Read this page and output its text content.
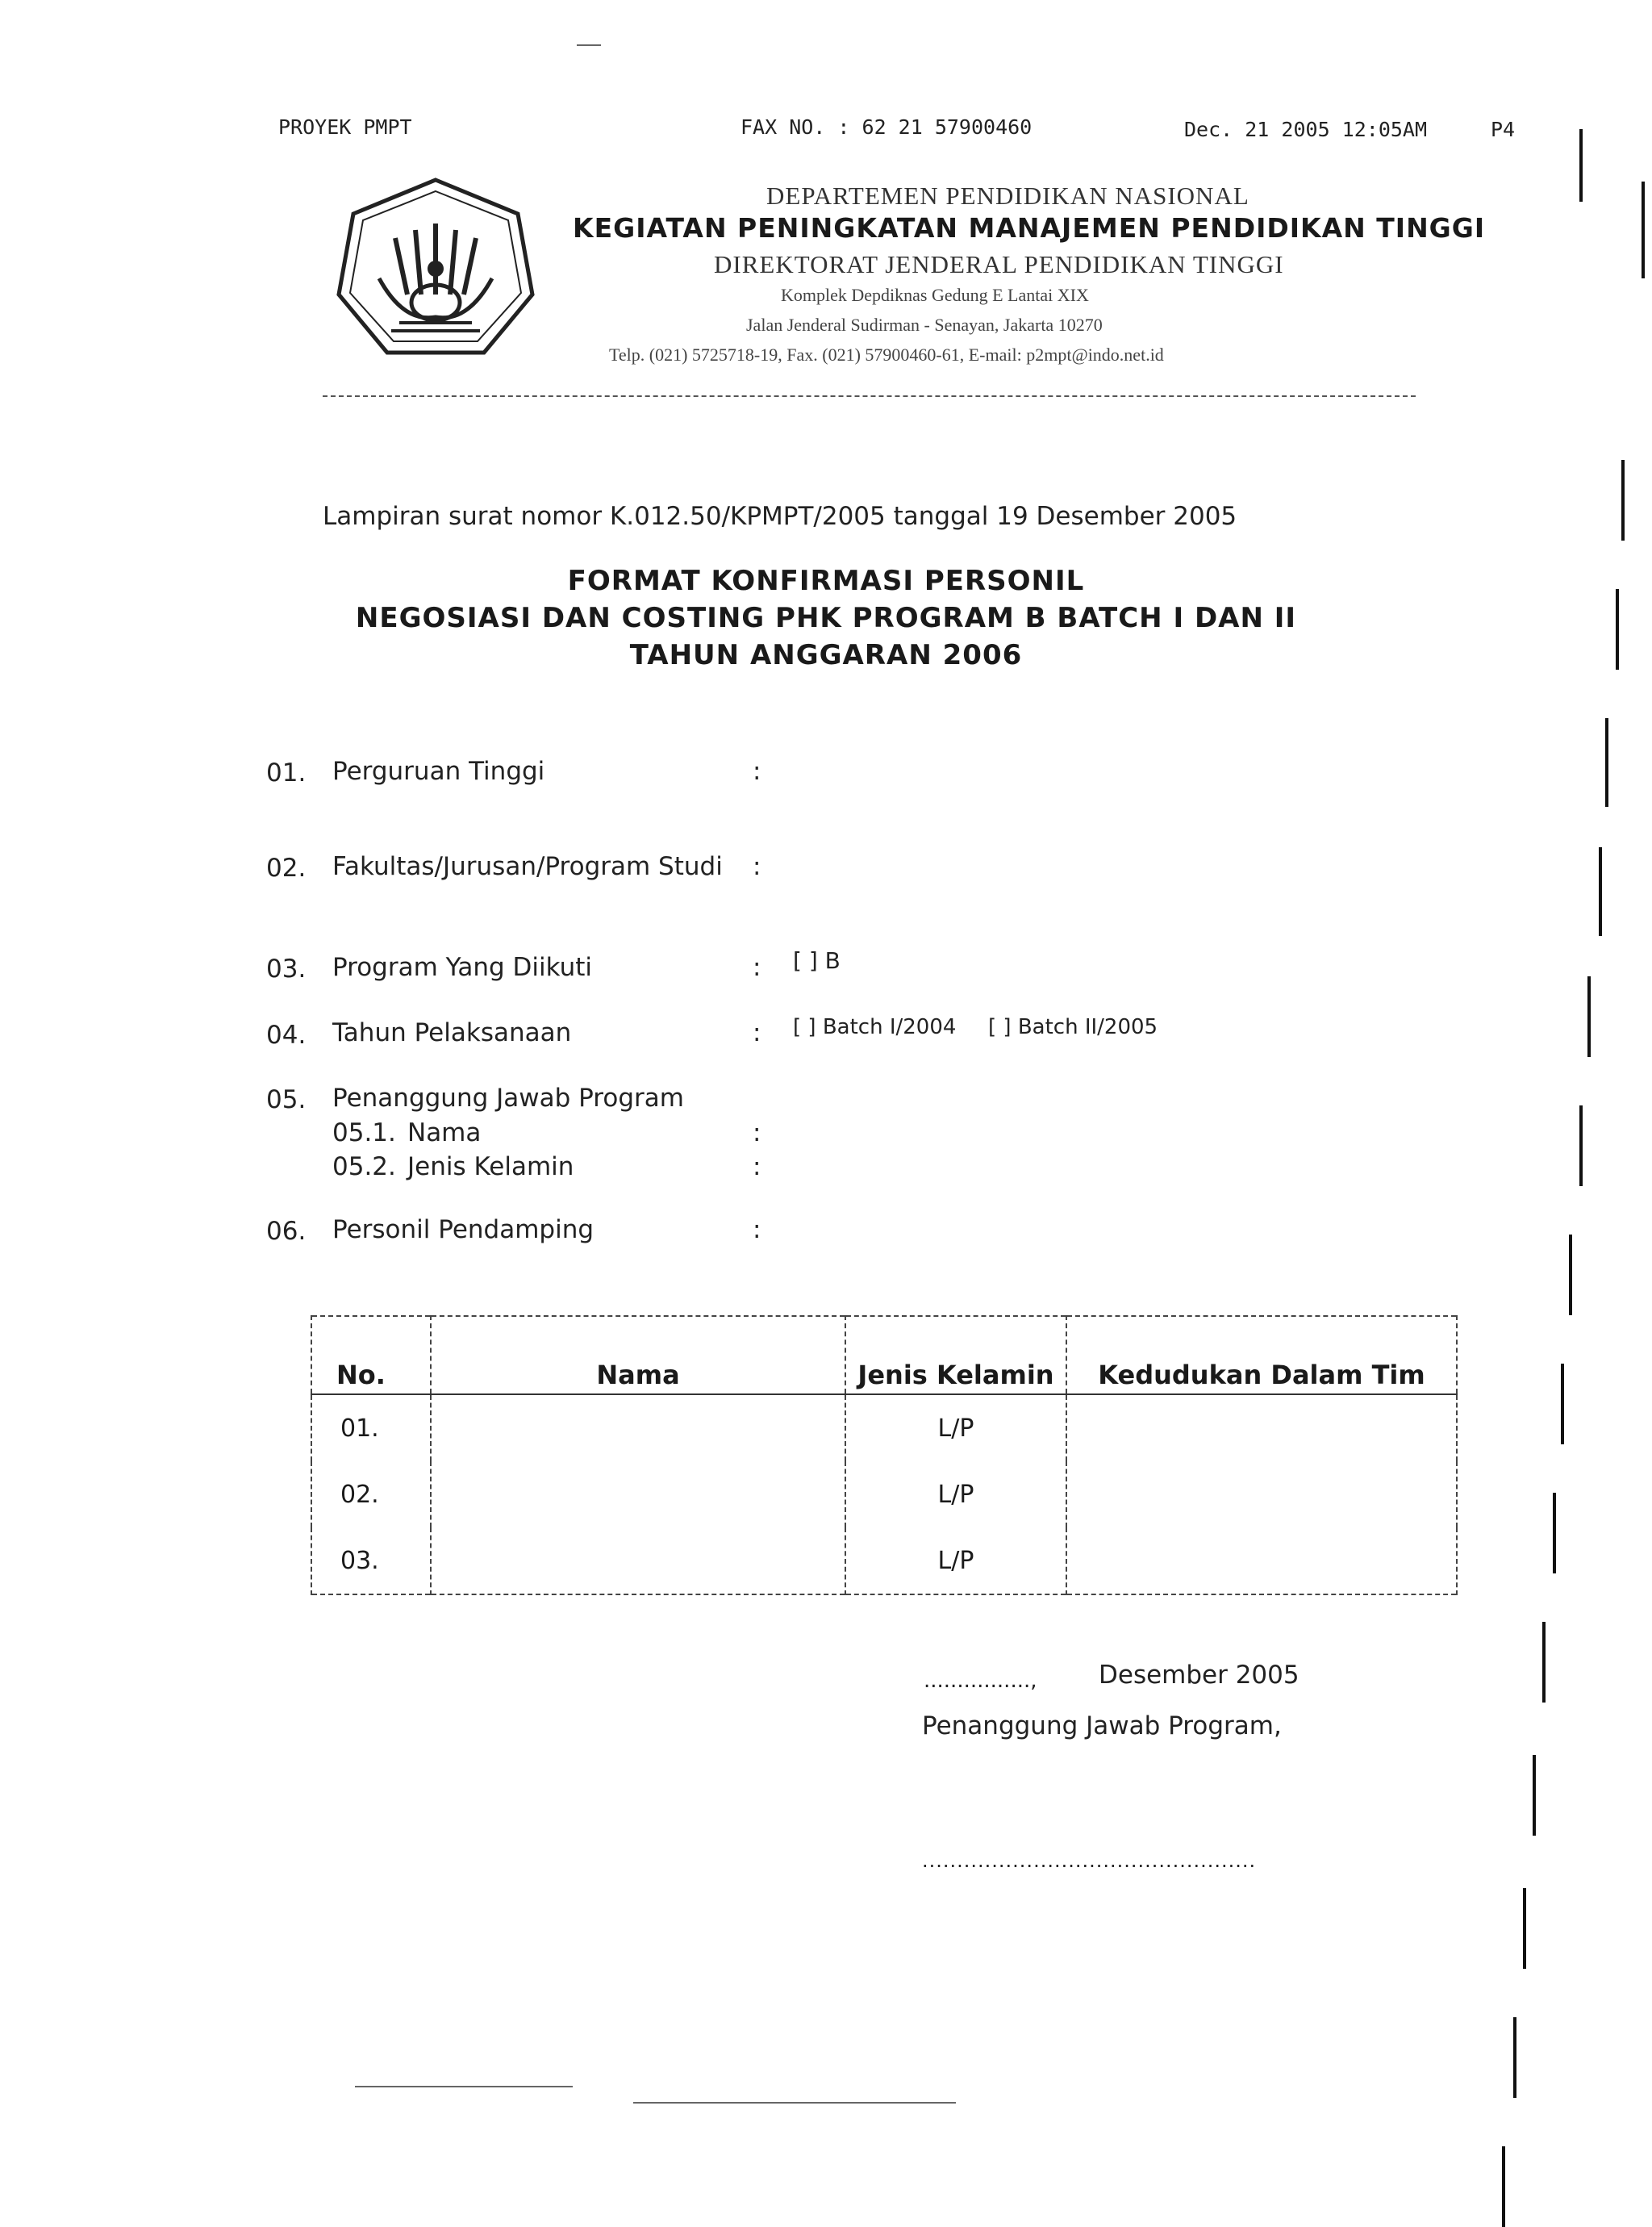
PROYEK PMPT	FAX NO. : 62 21 57900460	Dec. 21 2005 12:05AM	P4
DEPARTEMEN PENDIDIKAN NASIONAL
KEGIATAN PENINGKATAN MANAJEMEN PENDIDIKAN TINGGI
DIREKTORAT JENDERAL PENDIDIKAN TINGGI
Komplek Depdiknas Gedung E Lantai XIX
Jalan Jenderal Sudirman - Senayan, Jakarta 10270
Telp. (021) 5725718-19, Fax. (021) 57900460-61, E-mail: p2mpt@indo.net.id
Lampiran surat nomor K.012.50/KPMPT/2005 tanggal 19 Desember 2005
FORMAT KONFIRMASI PERSONIL
NEGOSIASI DAN COSTING PHK PROGRAM B BATCH I DAN II
TAHUN ANGGARAN 2006
01. Perguruan Tinggi	:
02. Fakultas/Jurusan/Program Studi :
03. Program Yang Diikuti	: [ ] B
04. Tahun Pelaksanaan	: [ ] Batch I/2004 [ ] Batch II/2005
05. Penanggung Jawab Program
05.1. Nama	:
05.2. Jenis Kelamin	:
06. Personil Pendamping	:
No.	Nama	Jenis Kelamin	Kedudukan Dalam Tim
01.		L/P	
02.		L/P	
03.		L/P	
................, Desember 2005
Penanggung Jawab Program,
................................................
